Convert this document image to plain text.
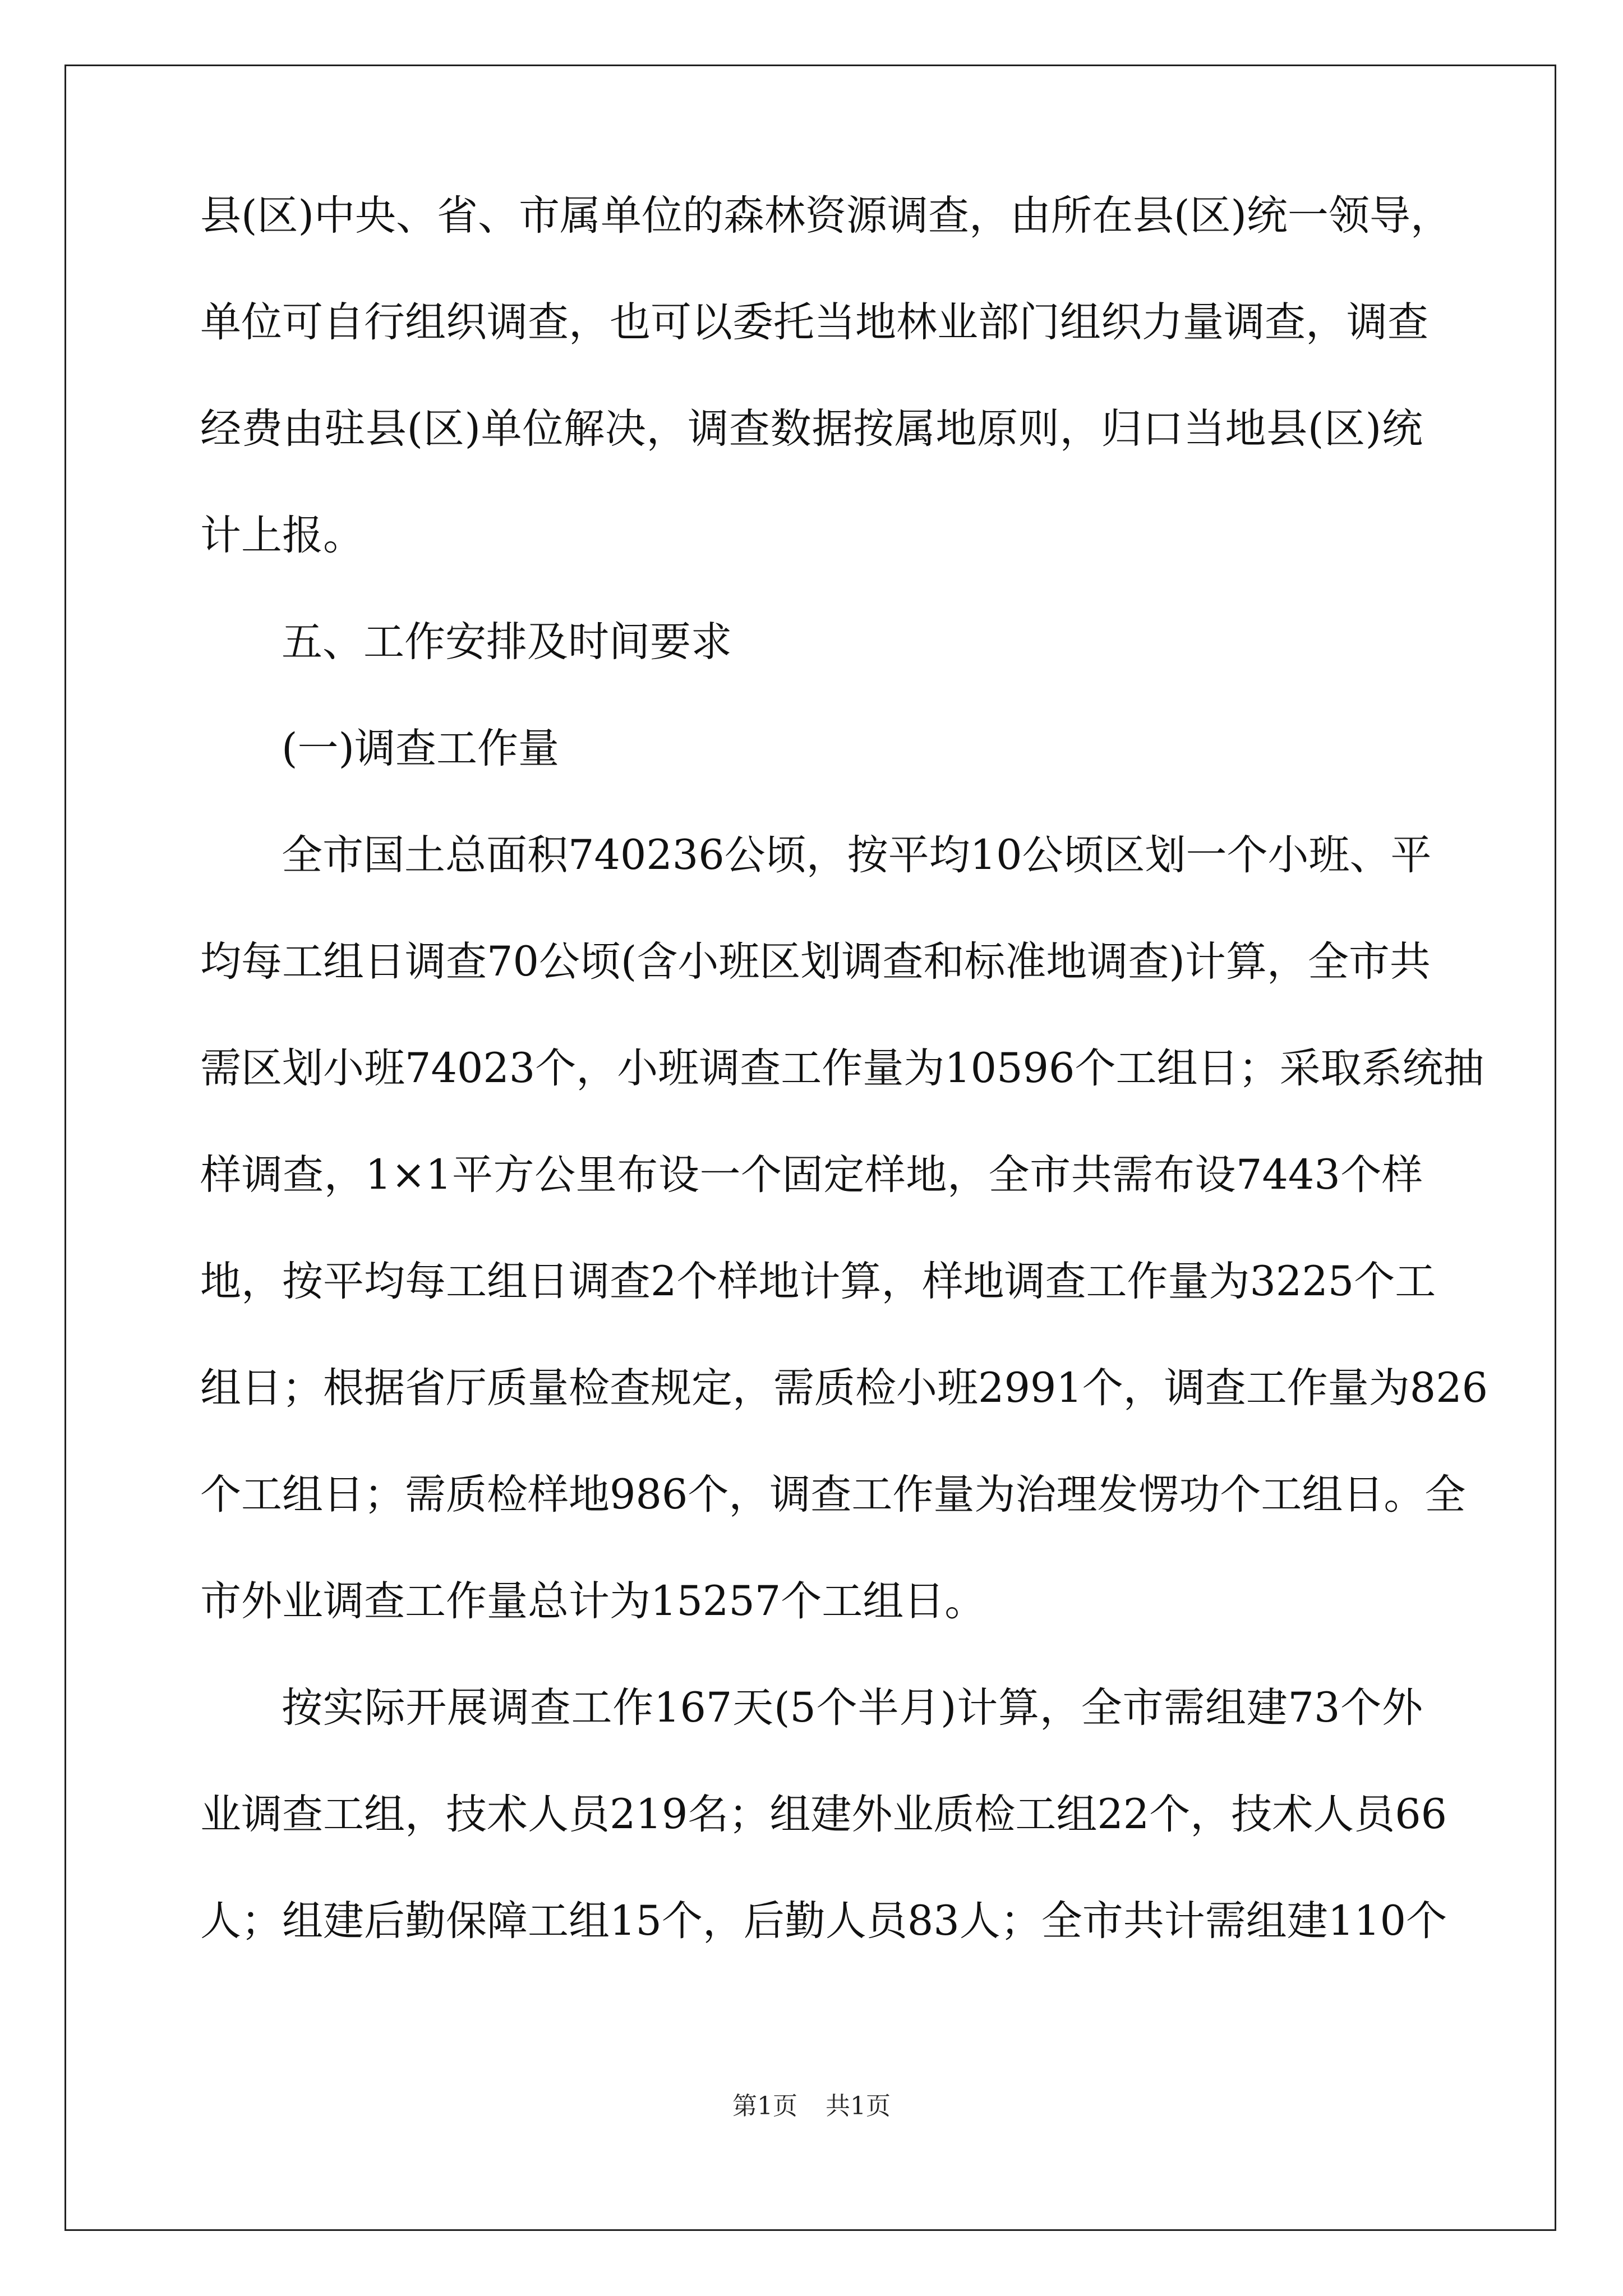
县(区)中央、省、市属单位的森林资源调查，由所在县(区)统一领导，
单位可自行组织调查，也可以委托当地林业部门组织力量调查，调查
经费由驻县(区)单位解决，调查数据按属地原则，归口当地县(区)统
计上报。
五、工作安排及时间要求
(一)调查工作量
全市国土总面积740236公顷，按平均10公顷区划一个小班、平
均每工组日调查70公顷(含小班区划调查和标准地调查)计算，全市共
需区划小班74023个，小班调查工作量为10596个工组日；采取系统抽
样调查，1×1平方公里布设一个固定样地，全市共需布设7443个样
地，按平均每工组日调查2个样地计算，样地调查工作量为3225个工
组日；根据省厅质量检查规定，需质检小班2991个，调查工作量为826
个工组日；需质检样地986个，调查工作量为治理发愣功个工组日。全
市外业调查工作量总计为15257个工组日。
按实际开展调查工作167天(5个半月)计算，全市需组建73个外
业调查工组，技术人员219名；组建外业质检工组22个，技术人员66
人；组建后勤保障工组15个，后勤人员83人；全市共计需组建110个
第1页 共1页
